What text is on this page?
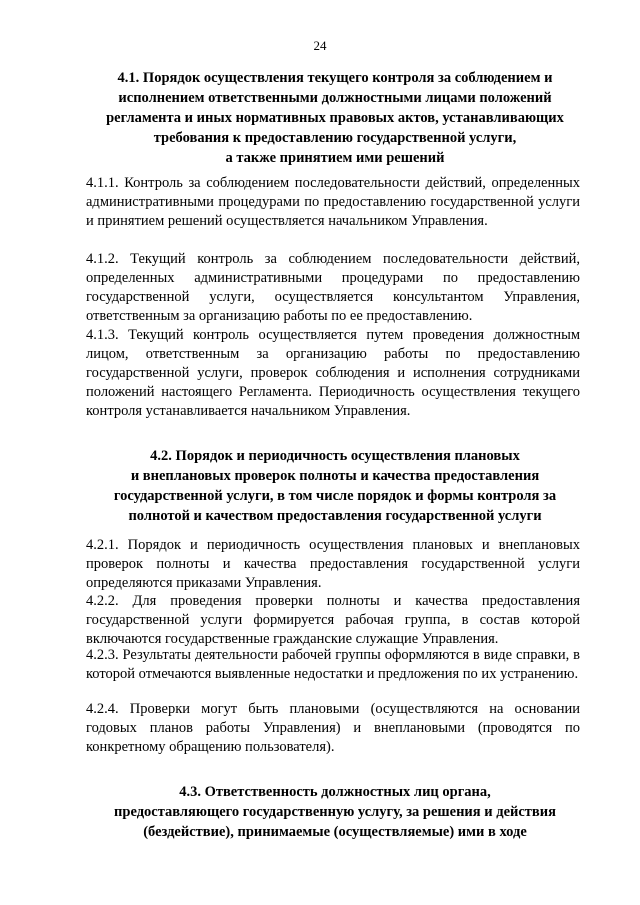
24
4.1. Порядок осуществления текущего контроля за соблюдением и
исполнением ответственными должностными лицами положений
регламента и иных нормативных правовых актов, устанавливающих
требования к предоставлению государственной услуги,
а также принятием ими решений
4.1.1. Контроль за соблюдением последовательности действий, определенных административными процедурами по предоставлению государственной услуги и принятием решений осуществляется начальником Управления.
4.1.2. Текущий контроль за соблюдением последовательности действий, определенных административными процедурами по предоставлению государственной услуги, осуществляется консультантом Управления, ответственным за организацию работы по ее предоставлению.
4.1.3. Текущий контроль осуществляется путем проведения должностным лицом, ответственным за организацию работы по предоставлению государственной услуги, проверок соблюдения и исполнения сотрудниками положений настоящего Регламента. Периодичность осуществления текущего контроля устанавливается начальником Управления.
4.2. Порядок и периодичность осуществления плановых
и внеплановых проверок полноты и качества предоставления
государственной услуги, в том числе порядок и формы контроля за
полнотой и качеством предоставления государственной услуги
4.2.1. Порядок и периодичность осуществления плановых и внеплановых проверок полноты и качества предоставления государственной услуги определяются приказами Управления.
4.2.2. Для проведения проверки полноты и качества предоставления государственной услуги формируется рабочая группа, в состав которой включаются государственные гражданские служащие Управления.
4.2.3. Результаты деятельности рабочей группы оформляются в виде справки, в которой отмечаются выявленные недостатки и предложения по их устранению.
4.2.4. Проверки могут быть плановыми (осуществляются на основании годовых планов работы Управления) и внеплановыми (проводятся по конкретному обращению пользователя).
4.3. Ответственность должностных лиц органа,
предоставляющего государственную услугу, за решения и действия
(бездействие), принимаемые (осуществляемые) ими в ходе
